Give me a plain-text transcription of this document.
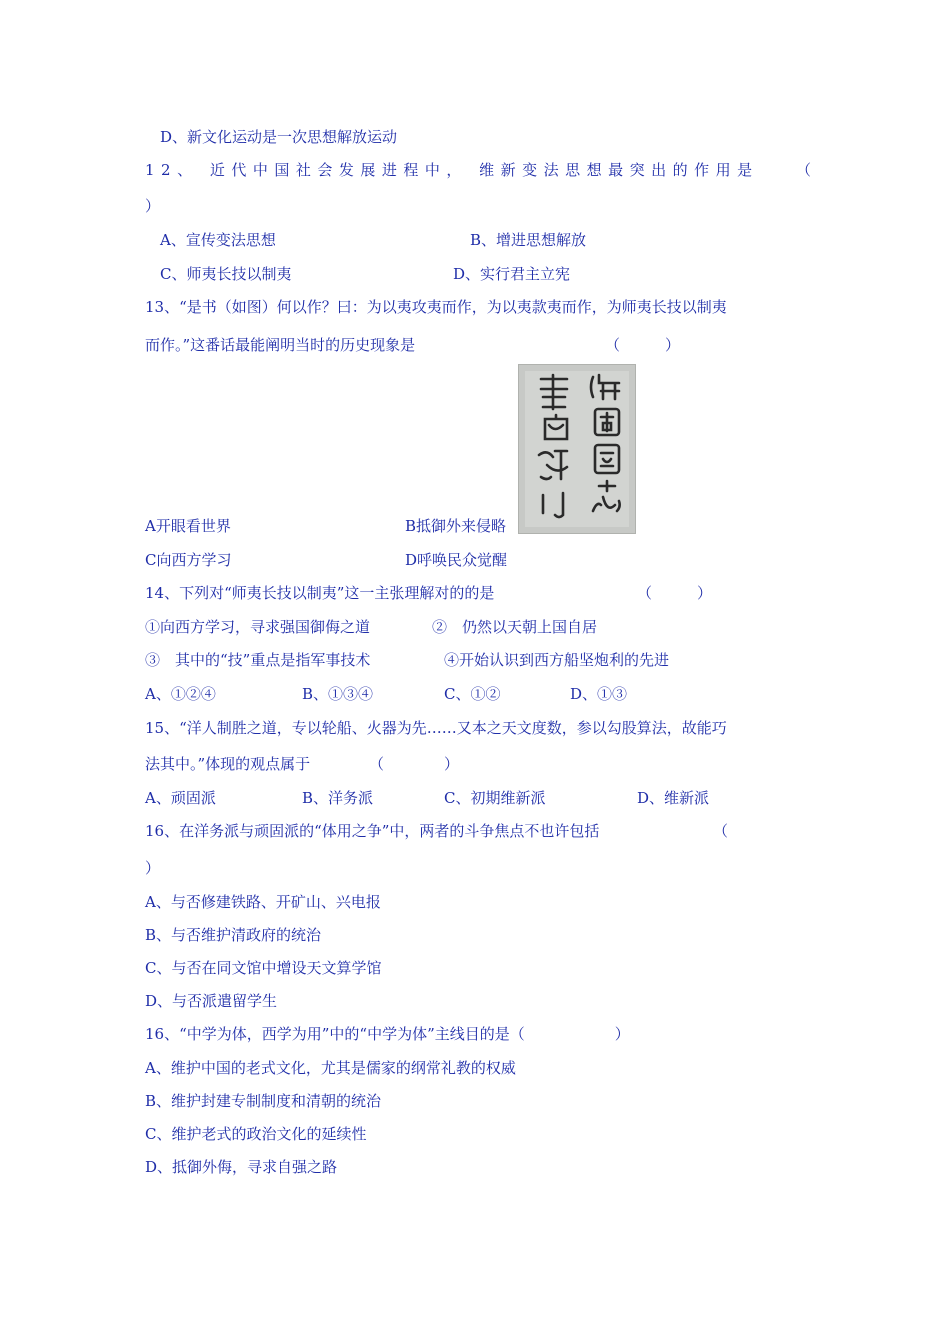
D、新文化运动是一次思想解放运动
12、 近代中国社会发展进程中， 维新变法思想最突出的作用是 （
）
A、宣传变法思想	B、增进思想解放
C、师夷长技以制夷	D、实行君主立宪
13、“是书（如图）何以作？曰：为以夷攻夷而作，为以夷款夷而作，为师夷长技以制夷
而作。”这番话最能阐明当时的历史现象是	（　　　）
A开眼看世界	B抵御外来侵略
C向西方学习	D呼唤民众觉醒
14、下列对“师夷长技以制夷”这一主张理解对的的是	（　　　）
①向西方学习，寻求强国御侮之道	②　仍然以天朝上国自居
③　其中的“技”重点是指军事技术	④开始认识到西方船坚炮利的先进
A、①②④	B、①③④	C、①②	D、①③
15、“洋人制胜之道，专以轮船、火器为先……又本之天文度数，参以勾股算法，故能巧
法其中。”体现的观点属于	（　　　　）
A、顽固派	B、洋务派	C、初期维新派	D、维新派
16、在洋务派与顽固派的“体用之争”中，两者的斗争焦点不也许包括	（
）
A、与否修建铁路、开矿山、兴电报
B、与否维护清政府的统治
C、与否在同文馆中增设天文算学馆
D、与否派遣留学生
16、“中学为体，西学为用”中的“中学为体”主线目的是（　　　　　　）
A、维护中国的老式文化，尤其是儒家的纲常礼教的权威
B、维护封建专制制度和清朝的统治
C、维护老式的政治文化的延续性
D、抵御外侮，寻求自强之路
